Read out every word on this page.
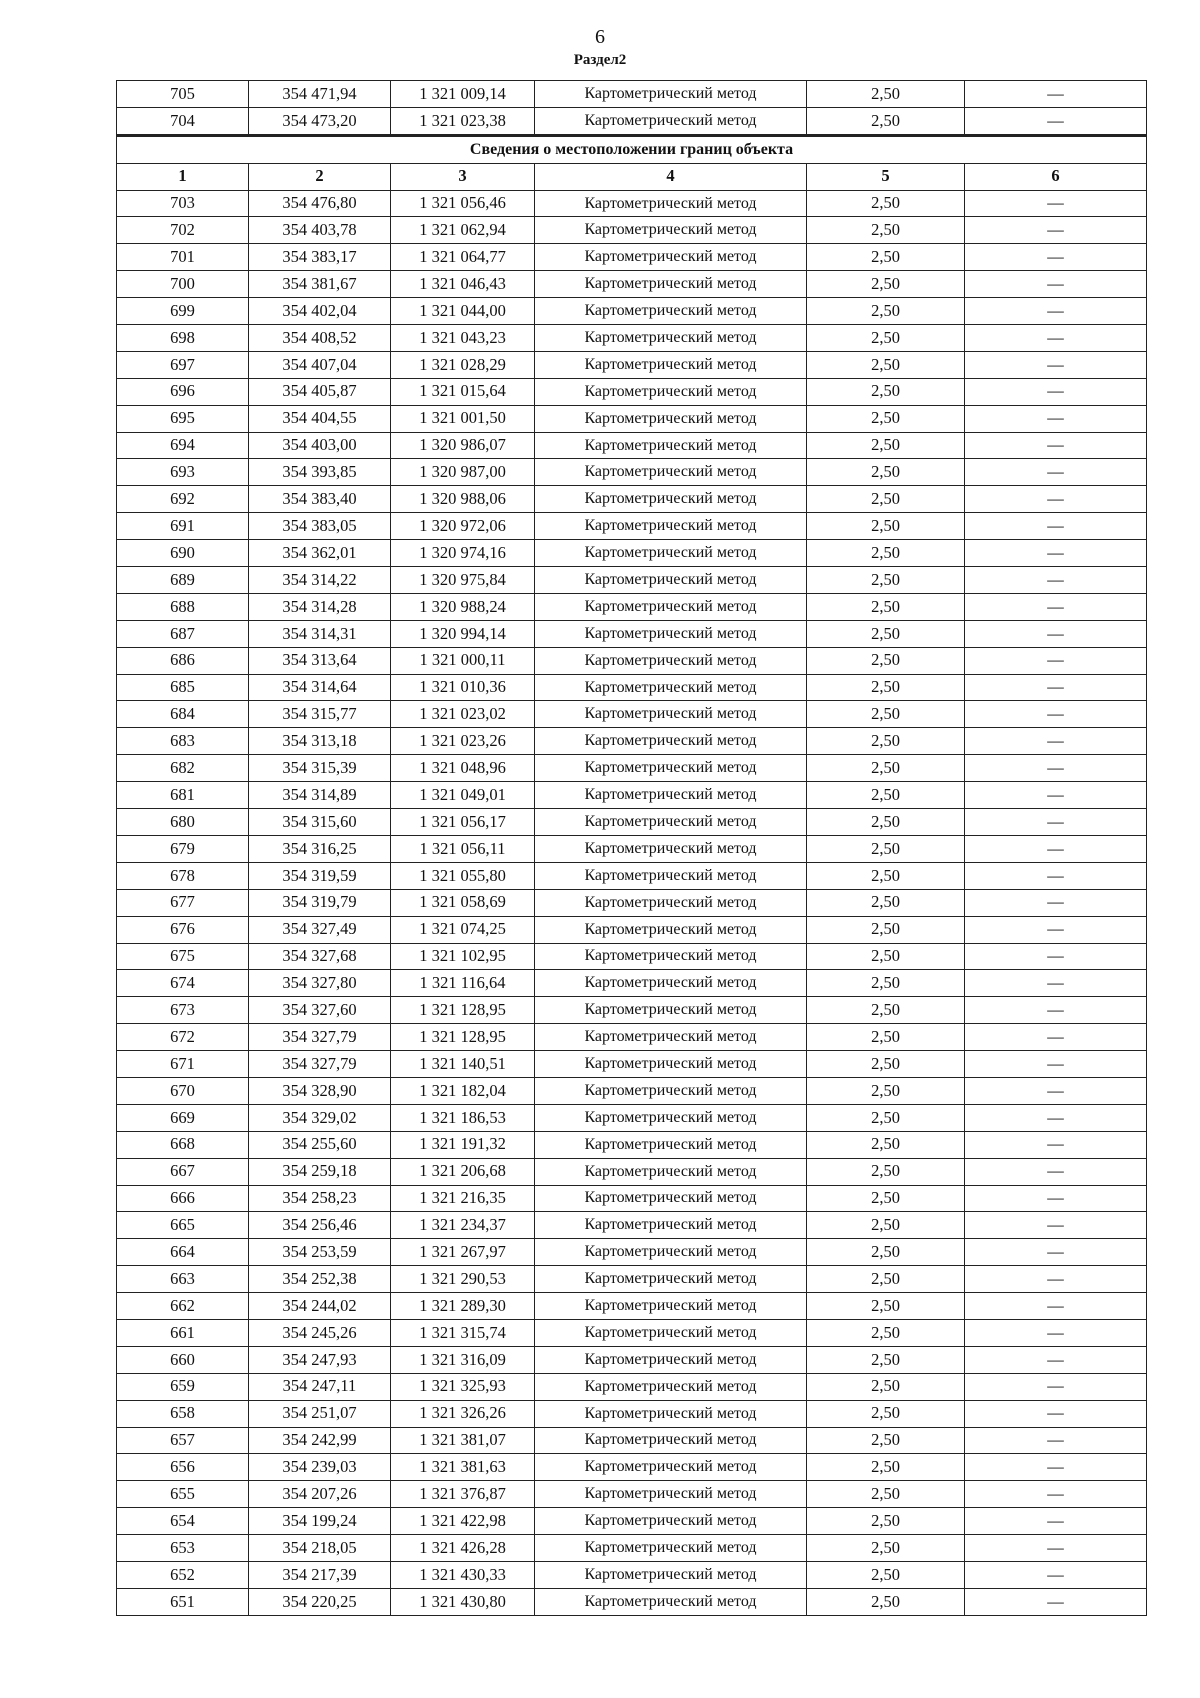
6
Раздел2
705	354 471,94	1 321 009,14	Картометрический метод	2,50	—
704	354 473,20	1 321 023,38	Картометрический метод	2,50	—
Сведения о местоположении границ объекта					
1	2	3	4	5	6
703	354 476,80	1 321 056,46	Картометрический метод	2,50	—
702	354 403,78	1 321 062,94	Картометрический метод	2,50	—
701	354 383,17	1 321 064,77	Картометрический метод	2,50	—
700	354 381,67	1 321 046,43	Картометрический метод	2,50	—
699	354 402,04	1 321 044,00	Картометрический метод	2,50	—
698	354 408,52	1 321 043,23	Картометрический метод	2,50	—
697	354 407,04	1 321 028,29	Картометрический метод	2,50	—
696	354 405,87	1 321 015,64	Картометрический метод	2,50	—
695	354 404,55	1 321 001,50	Картометрический метод	2,50	—
694	354 403,00	1 320 986,07	Картометрический метод	2,50	—
693	354 393,85	1 320 987,00	Картометрический метод	2,50	—
692	354 383,40	1 320 988,06	Картометрический метод	2,50	—
691	354 383,05	1 320 972,06	Картометрический метод	2,50	—
690	354 362,01	1 320 974,16	Картометрический метод	2,50	—
689	354 314,22	1 320 975,84	Картометрический метод	2,50	—
688	354 314,28	1 320 988,24	Картометрический метод	2,50	—
687	354 314,31	1 320 994,14	Картометрический метод	2,50	—
686	354 313,64	1 321 000,11	Картометрический метод	2,50	—
685	354 314,64	1 321 010,36	Картометрический метод	2,50	—
684	354 315,77	1 321 023,02	Картометрический метод	2,50	—
683	354 313,18	1 321 023,26	Картометрический метод	2,50	—
682	354 315,39	1 321 048,96	Картометрический метод	2,50	—
681	354 314,89	1 321 049,01	Картометрический метод	2,50	—
680	354 315,60	1 321 056,17	Картометрический метод	2,50	—
679	354 316,25	1 321 056,11	Картометрический метод	2,50	—
678	354 319,59	1 321 055,80	Картометрический метод	2,50	—
677	354 319,79	1 321 058,69	Картометрический метод	2,50	—
676	354 327,49	1 321 074,25	Картометрический метод	2,50	—
675	354 327,68	1 321 102,95	Картометрический метод	2,50	—
674	354 327,80	1 321 116,64	Картометрический метод	2,50	—
673	354 327,60	1 321 128,95	Картометрический метод	2,50	—
672	354 327,79	1 321 128,95	Картометрический метод	2,50	—
671	354 327,79	1 321 140,51	Картометрический метод	2,50	—
670	354 328,90	1 321 182,04	Картометрический метод	2,50	—
669	354 329,02	1 321 186,53	Картометрический метод	2,50	—
668	354 255,60	1 321 191,32	Картометрический метод	2,50	—
667	354 259,18	1 321 206,68	Картометрический метод	2,50	—
666	354 258,23	1 321 216,35	Картометрический метод	2,50	—
665	354 256,46	1 321 234,37	Картометрический метод	2,50	—
664	354 253,59	1 321 267,97	Картометрический метод	2,50	—
663	354 252,38	1 321 290,53	Картометрический метод	2,50	—
662	354 244,02	1 321 289,30	Картометрический метод	2,50	—
661	354 245,26	1 321 315,74	Картометрический метод	2,50	—
660	354 247,93	1 321 316,09	Картометрический метод	2,50	—
659	354 247,11	1 321 325,93	Картометрический метод	2,50	—
658	354 251,07	1 321 326,26	Картометрический метод	2,50	—
657	354 242,99	1 321 381,07	Картометрический метод	2,50	—
656	354 239,03	1 321 381,63	Картометрический метод	2,50	—
655	354 207,26	1 321 376,87	Картометрический метод	2,50	—
654	354 199,24	1 321 422,98	Картометрический метод	2,50	—
653	354 218,05	1 321 426,28	Картометрический метод	2,50	—
652	354 217,39	1 321 430,33	Картометрический метод	2,50	—
651	354 220,25	1 321 430,80	Картометрический метод	2,50	—
